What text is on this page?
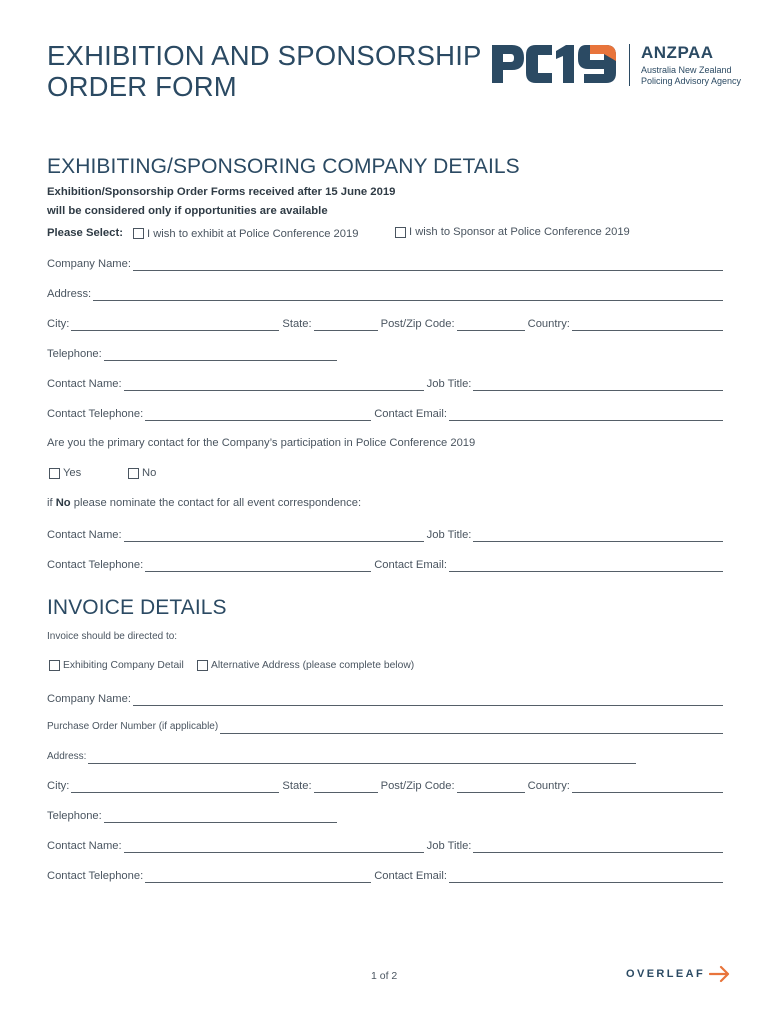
EXHIBITION AND SPONSORSHIP
ORDER FORM
ANZPAA
Australia New Zealand
Policing Advisory Agency
EXHIBITING/SPONSORING COMPANY DETAILS
Exhibition/Sponsorship Order Forms received after 15 June 2019
will be considered only if opportunities are available
Please Select: I wish to exhibit at Police Conference 2019	I wish to Sponsor at Police Conference 2019
Company Name:
Address:
City:	State:	Post/Zip Code:	Country:
Telephone:
Contact Name:	Job Title:
Contact Telephone:	Contact Email:
Are you the primary contact for the Company’s participation in Police Conference 2019
Yes	No
if No please nominate the contact for all event correspondence:
Contact Name:	Job Title:
Contact Telephone:	Contact Email:
INVOICE DETAILS
Invoice should be directed to:
Exhibiting Company Detail	Alternative Address (please complete below)
Company Name:
Purchase Order Number (if applicable)
Address:
City:	State:	Post/Zip Code:	Country:
Telephone:
Contact Name:	Job Title:
Contact Telephone:	Contact Email:
1 of 2	OVERLEAF
